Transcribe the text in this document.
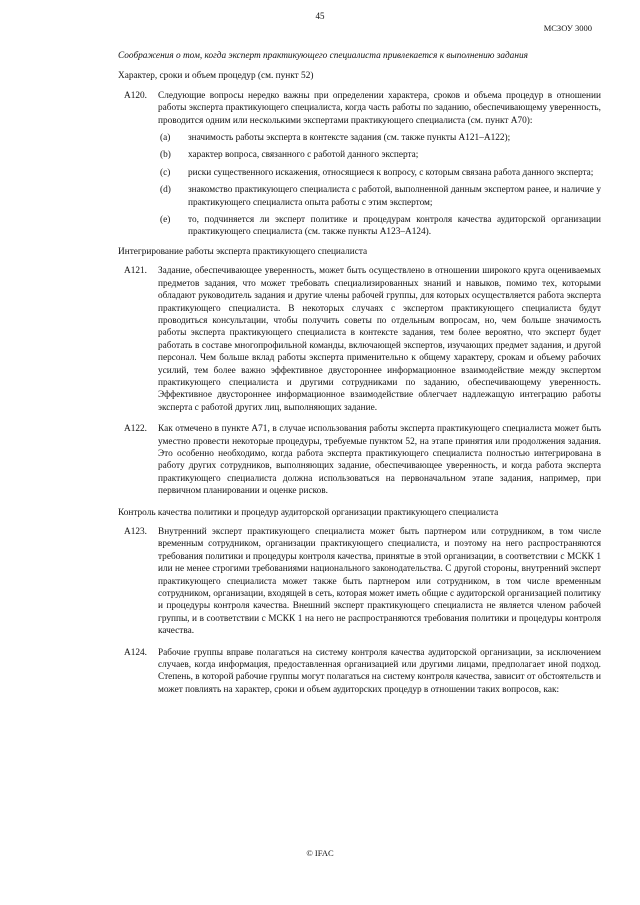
45
МСЗОУ 3000
Соображения о том, когда эксперт практикующего специалиста привлекается к выполнению задания
Характер, сроки и объем процедур (см. пункт 52)
A120.	Следующие вопросы нередко важны при определении характера, сроков и объема процедур в отношении работы эксперта практикующего специалиста, когда часть работы по заданию, обеспечивающему уверенность, проводится одним или несколькими экспертами практикующего специалиста (см. пункт A70):
(a)	значимость работы эксперта в контексте задания (см. также пункты A121–A122);
(b)	характер вопроса, связанного с работой данного эксперта;
(c)	риски существенного искажения, относящиеся к вопросу, с которым связана работа данного эксперта;
(d)	знакомство практикующего специалиста с работой, выполненной данным экспертом ранее, и наличие у практикующего специалиста опыта работы с этим экспертом;
(e)	то, подчиняется ли эксперт политике и процедурам контроля качества аудиторской организации практикующего специалиста (см. также пункты A123–A124).
Интегрирование работы эксперта практикующего специалиста
A121.	Задание, обеспечивающее уверенность, может быть осуществлено в отношении широкого круга оцениваемых предметов задания, что может требовать специализированных знаний и навыков, помимо тех, которыми обладают руководитель задания и другие члены рабочей группы, для которых осуществляется работа эксперта практикующего специалиста. В некоторых случаях с экспертом практикующего специалиста будут проводиться консультации, чтобы получить советы по отдельным вопросам, но, чем больше значимость работы эксперта практикующего специалиста в контексте задания, тем более вероятно, что эксперт будет работать в составе многопрофильной команды, включающей экспертов, изучающих предмет задания, и другой персонал. Чем больше вклад работы эксперта применительно к общему характеру, срокам и объему рабочих усилий, тем более важно эффективное двустороннее информационное взаимодействие между экспертом практикующего специалиста и другими сотрудниками по заданию, обеспечивающему уверенность. Эффективное двустороннее информационное взаимодействие облегчает надлежащую интеграцию работы эксперта с работой других лиц, выполняющих задание.
A122.	Как отмечено в пункте A71, в случае использования работы эксперта практикующего специалиста может быть уместно провести некоторые процедуры, требуемые пунктом 52, на этапе принятия или продолжения задания. Это особенно необходимо, когда работа эксперта практикующего специалиста полностью интегрирована в работу других сотрудников, выполняющих задание, обеспечивающее уверенность, и когда работа эксперта практикующего специалиста должна использоваться на первоначальном этапе задания, например, при первичном планировании и оценке рисков.
Контроль качества политики и процедур аудиторской организации практикующего специалиста
A123.	Внутренний эксперт практикующего специалиста может быть партнером или сотрудником, в том числе временным сотрудником, организации практикующего специалиста, и поэтому на него распространяются требования политики и процедуры контроля качества, принятые в этой организации, в соответствии с МСКК 1 или не менее строгими требованиями национального законодательства. С другой стороны, внутренний эксперт практикующего специалиста может также быть партнером или сотрудником, в том числе временным сотрудником, организации, входящей в сеть, которая может иметь общие с аудиторской организацией политику и процедуры контроля качества. Внешний эксперт практикующего специалиста не является членом рабочей группы, и в соответствии с МСКК 1 на него не распространяются требования политики и процедуры контроля качества.
A124.	Рабочие группы вправе полагаться на систему контроля качества аудиторской организации, за исключением случаев, когда информация, предоставленная организацией или другими лицами, предполагает иной подход. Степень, в которой рабочие группы могут полагаться на систему контроля качества, зависит от обстоятельств и может повлиять на характер, сроки и объем аудиторских процедур в отношении таких вопросов, как:
© IFAC
